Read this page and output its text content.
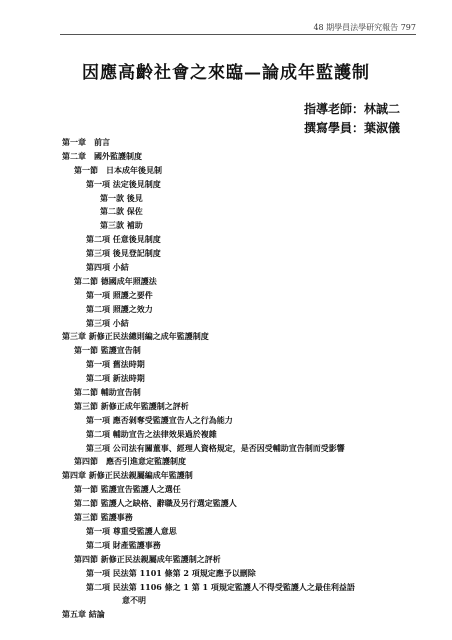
48 期學員法學研究報告 797
因應高齡社會之來臨—論成年監護制
指導老師：林誠二
撰寫學員：葉淑儀
第一章　前言
第二章　國外監護制度
第一節　日本成年後見制
第一項 法定後見制度
第一款 後見
第二款 保佐
第三款 補助
第二項 任意後見制度
第三項 後見登記制度
第四項 小結
第二節 德國成年照護法
第一項 照護之要件
第二項 照護之效力
第三項 小結
第三章 新修正民法總則編之成年監護制度
第一節 監護宣告制
第一項 舊法時期
第二項 新法時期
第二節 輔助宣告制
第三節 新修正成年監護制之評析
第一項 應否剝奪受監護宣告人之行為能力
第二項 輔助宣告之法律效果過於複雜
第三項 公司法有關董事、經理人資格規定，是否因受輔助宣告制而受影響
第四節　應否引進意定監護制度
第四章 新修正民法親屬編成年監護制
第一節 監護宣告監護人之選任
第二節 監護人之缺格、辭職及另行選定監護人
第三節 監護事務
第一項 尊重受監護人意思
第二項 財產監護事務
第四節 新修正民法親屬成年監護制之評析
第一項 民法第 1101 條第 2 項規定應予以刪除
第二項 民法第 1106 條之 1 第 1 項規定監護人不得受監護人之最佳利益語
意不明
第五章 結論
